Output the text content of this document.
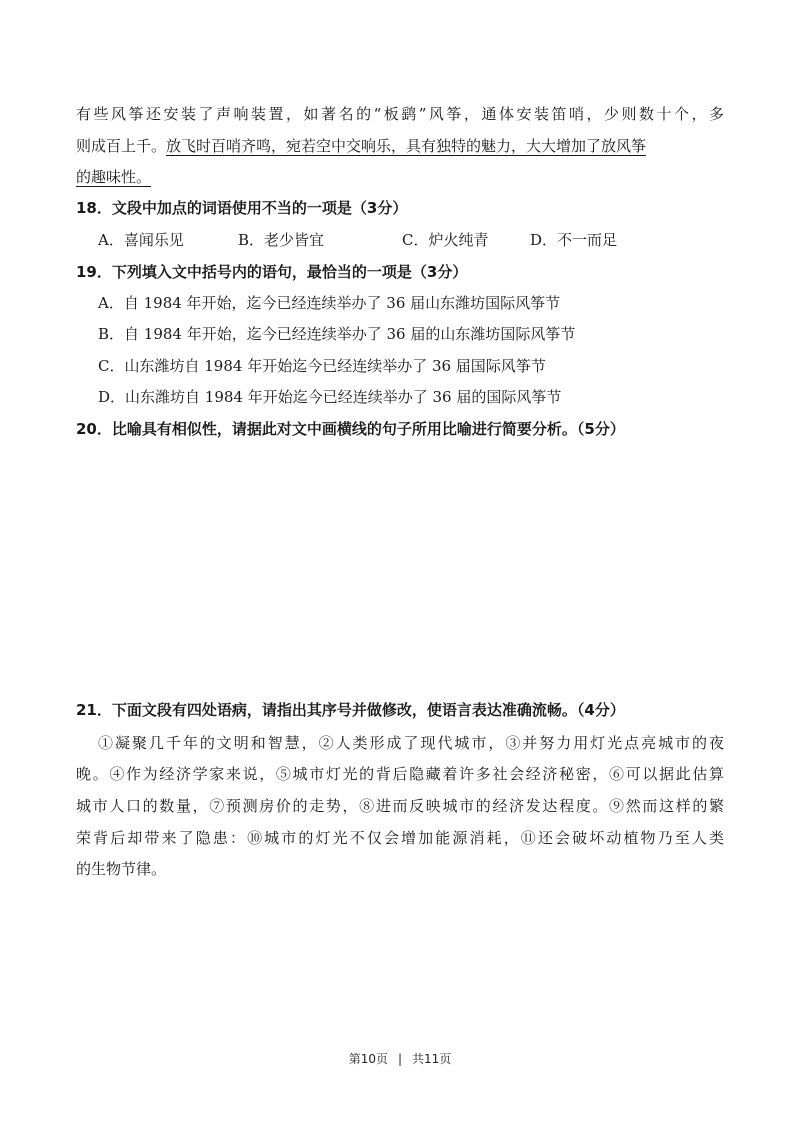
有些风筝还安装了声响装置，如著名的“板鹞”风筝，通体安装笛哨，少则数十个，多
则成百上千。放飞时百哨齐鸣，宛若空中交响乐，具有独特的魅力，大大增加了放风筝
的趣味性。
18．文段中加点的词语使用不当的一项是（3分）
A．喜闻乐见	B．老少皆宜	C．炉火纯青	D．不一而足
19．下列填入文中括号内的语句，最恰当的一项是（3分）
A．自 1984 年开始，迄今已经连续举办了 36 届山东潍坊国际风筝节
B．自 1984 年开始，迄今已经连续举办了 36 届的山东潍坊国际风筝节
C．山东潍坊自 1984 年开始迄今已经连续举办了 36 届国际风筝节
D．山东潍坊自 1984 年开始迄今已经连续举办了 36 届的国际风筝节
20．比喻具有相似性，请据此对文中画横线的句子所用比喻进行简要分析。（5分）
21．下面文段有四处语病，请指出其序号并做修改，使语言表达准确流畅。（4分）
①凝聚几千年的文明和智慧，②人类形成了现代城市，③并努力用灯光点亮城市的夜
晚。④作为经济学家来说，⑤城市灯光的背后隐藏着许多社会经济秘密，⑥可以据此估算
城市人口的数量，⑦预测房价的走势，⑧进而反映城市的经济发达程度。⑨然而这样的繁
荣背后却带来了隐患：⑩城市的灯光不仅会增加能源消耗，⑪还会破坏动植物乃至人类
的生物节律。
第10页 | 共11页
